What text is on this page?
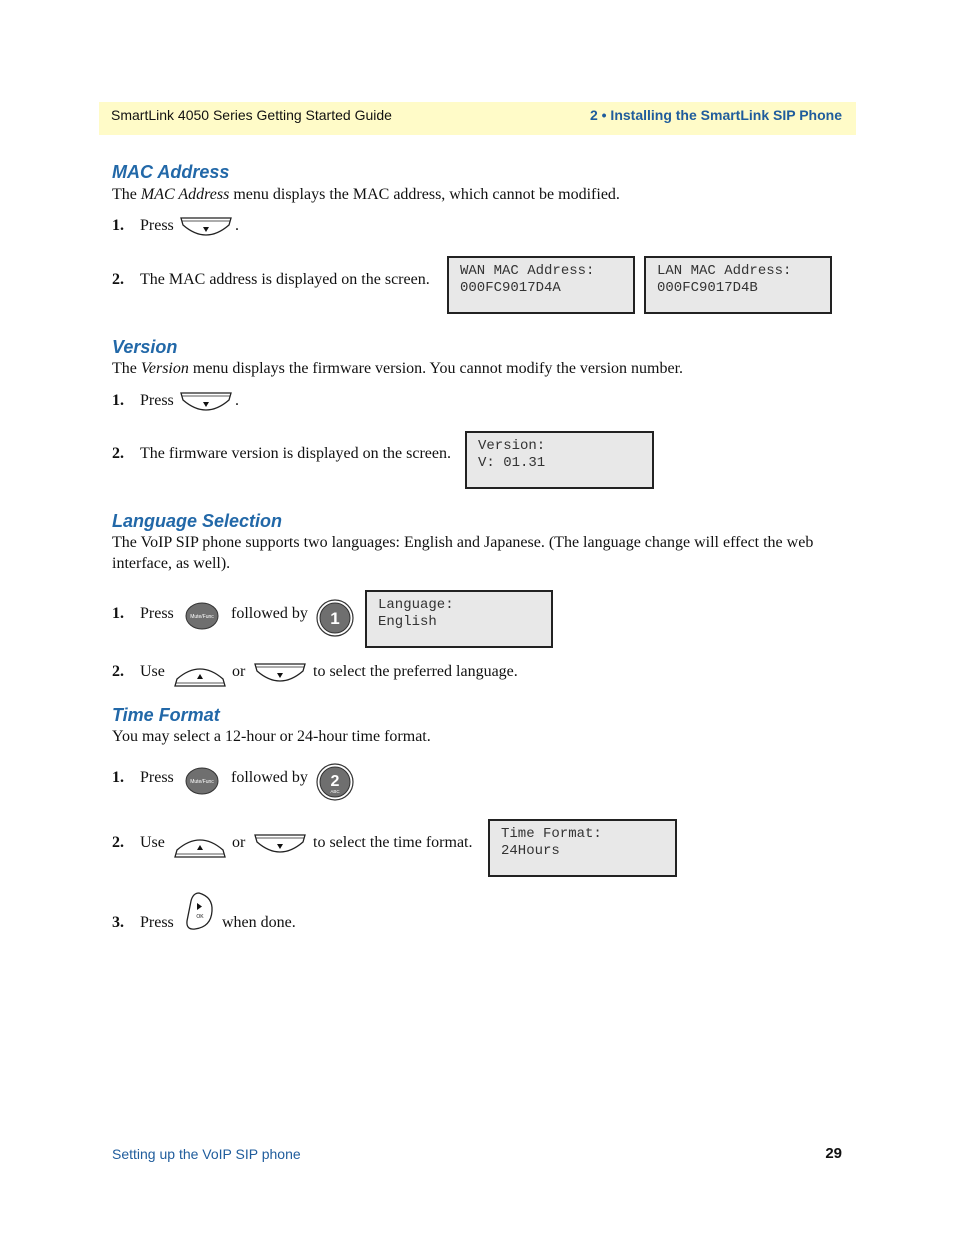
SmartLink 4050 Series Getting Started Guide	2 • Installing the SmartLink SIP Phone
MAC Address

The MAC Address menu displays the MAC address, which cannot be modified.

1. Press	.
2. The MAC address is displayed on the screen.	WAN MAC Address:
000FC9017D4A
LAN MAC Address:
000FC9017D4B
Version

The Version menu displays the firmware version. You cannot modify the version number.

1. Press	.
2. The firmware version is displayed on the screen.	Version:
V: 01.31
Language Selection

The VoIP SIP phone supports two languages: English and Japanese. (The language change will effect the web interface, as well).

1. Press	Mute/Func followed by 1
Language:
English
2. Use	or	to select the preferred language.
Time Format

You may select a 12-hour or 24-hour time format.

1. Press	Mute/Func followed by 2
ABC
2. Use	or	to select the time format.	Time Format:
24Hours
3. Press	OK when done.
Setting up the VoIP SIP phone	29
